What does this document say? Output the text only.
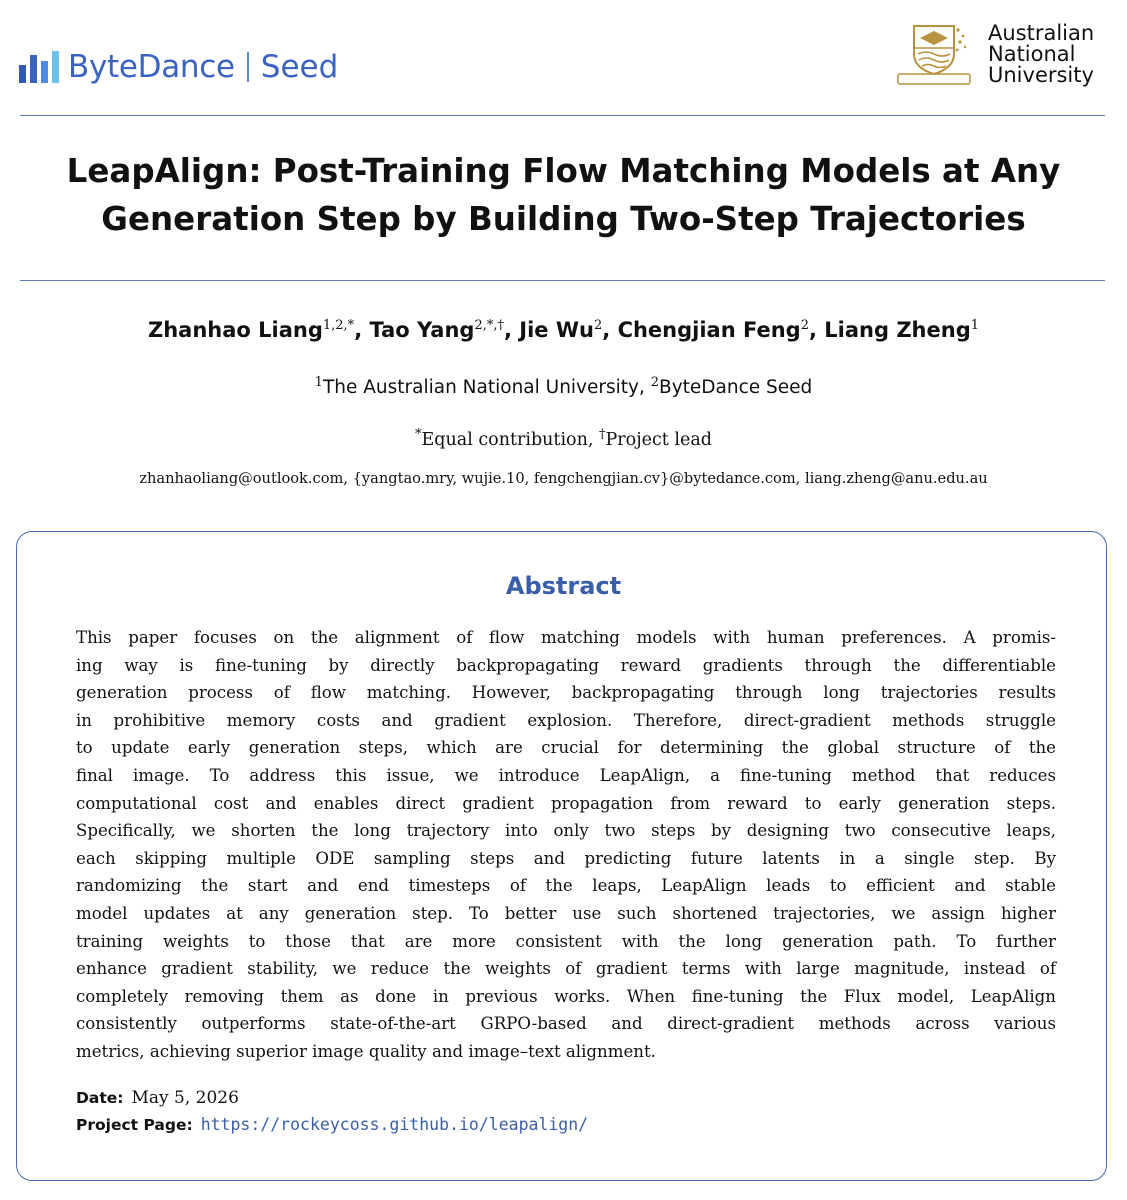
ByteDance Seed
Australian
National
University
LeapAlign: Post-Training Flow Matching Models at Any
Generation Step by Building Two-Step Trajectories
Zhanhao Liang$^{1,2,*}$, Tao Yang$^{2,*,\dagger}$, Jie Wu$^2$, Chengjian Feng$^2$, Liang Zheng$^1$
$^1$The Australian National University, $^2$ByteDance Seed
*Equal contribution, †Project lead
zhanhaoliang@outlook.com, {yangtao.mry, wujie.10, fengchengjian.cv}@bytedance.com, liang.zheng@anu.edu.au
Abstract
This paper focuses on the alignment of flow matching models with human preferences. A promis-
ing way is fine-tuning by directly backpropagating reward gradients through the differentiable
generation process of flow matching. However, backpropagating through long trajectories results
in prohibitive memory costs and gradient explosion. Therefore, direct-gradient methods struggle
to update early generation steps, which are crucial for determining the global structure of the
final image. To address this issue, we introduce LeapAlign, a fine-tuning method that reduces
computational cost and enables direct gradient propagation from reward to early generation steps.
Specifically, we shorten the long trajectory into only two steps by designing two consecutive leaps,
each skipping multiple ODE sampling steps and predicting future latents in a single step. By
randomizing the start and end timesteps of the leaps, LeapAlign leads to efficient and stable
model updates at any generation step. To better use such shortened trajectories, we assign higher
training weights to those that are more consistent with the long generation path. To further
enhance gradient stability, we reduce the weights of gradient terms with large magnitude, instead of
completely removing them as done in previous works. When fine-tuning the Flux model, LeapAlign
consistently outperforms state-of-the-art GRPO-based and direct-gradient methods across various
metrics, achieving superior image quality and image–text alignment.
Date: May 5, 2026
Project Page: https://rockeycoss.github.io/leapalign/
